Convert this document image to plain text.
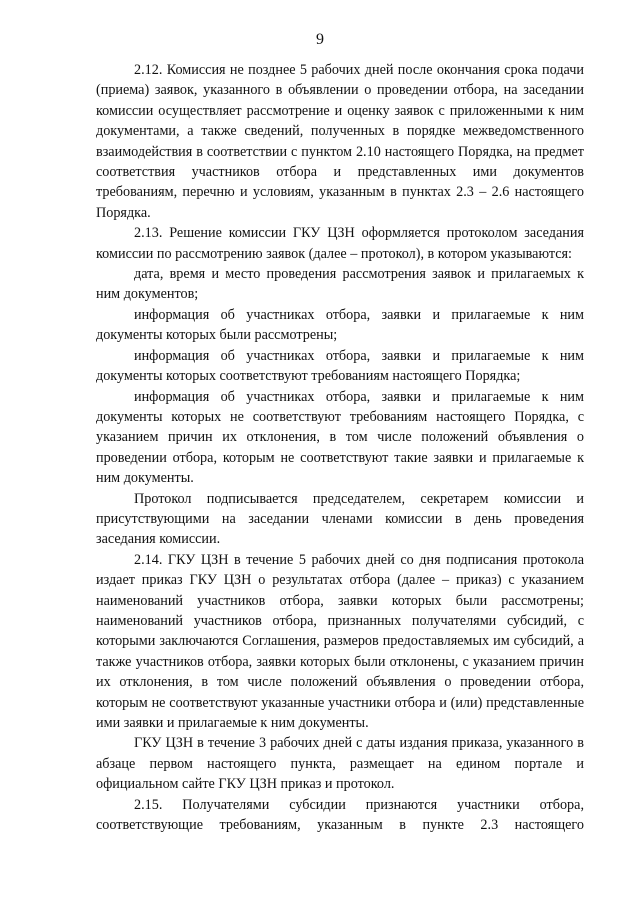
9

2.12. Комиссия не позднее 5 рабочих дней после окончания срока подачи (приема) заявок, указанного в объявлении о проведении отбора, на заседании комиссии осуществляет рассмотрение и оценку заявок с приложенными к ним документами, а также сведений, полученных в порядке межведомственного взаимодействия в соответствии с пунктом 2.10 настоящего Порядка, на предмет соответствия участников отбора и представленных ими документов требованиям, перечню и условиям, указанным в пунктах 2.3 – 2.6 настоящего Порядка.

2.13. Решение комиссии ГКУ ЦЗН оформляется протоколом заседания комиссии по рассмотрению заявок (далее – протокол), в котором указываются:

дата, время и место проведения рассмотрения заявок и прилагаемых к ним документов;

информация об участниках отбора, заявки и прилагаемые к ним документы которых были рассмотрены;

информация об участниках отбора, заявки и прилагаемые к ним документы которых соответствуют требованиям настоящего Порядка;

информация об участниках отбора, заявки и прилагаемые к ним документы которых не соответствуют требованиям настоящего Порядка, с указанием причин их отклонения, в том числе положений объявления о проведении отбора, которым не соответствуют такие заявки и прилагаемые к ним документы.

Протокол подписывается председателем, секретарем комиссии и присутствующими на заседании членами комиссии в день проведения заседания комиссии.

2.14. ГКУ ЦЗН в течение 5 рабочих дней со дня подписания протокола издает приказ ГКУ ЦЗН о результатах отбора (далее – приказ) с указанием наименований участников отбора, заявки которых были рассмотрены; наименований участников отбора, признанных получателями субсидий, с которыми заключаются Соглашения, размеров предоставляемых им субсидий, а также участников отбора, заявки которых были отклонены, с указанием причин их отклонения, в том числе положений объявления о проведении отбора, которым не соответствуют указанные участники отбора и (или) представленные ими заявки и прилагаемые к ним документы.

ГКУ ЦЗН в течение 3 рабочих дней с даты издания приказа, указанного в абзаце первом настоящего пункта, размещает на едином портале и официальном сайте ГКУ ЦЗН приказ и протокол.

2.15. Получателями субсидии признаются участники отбора, соответствующие требованиям, указанным в пункте 2.3 настоящего
